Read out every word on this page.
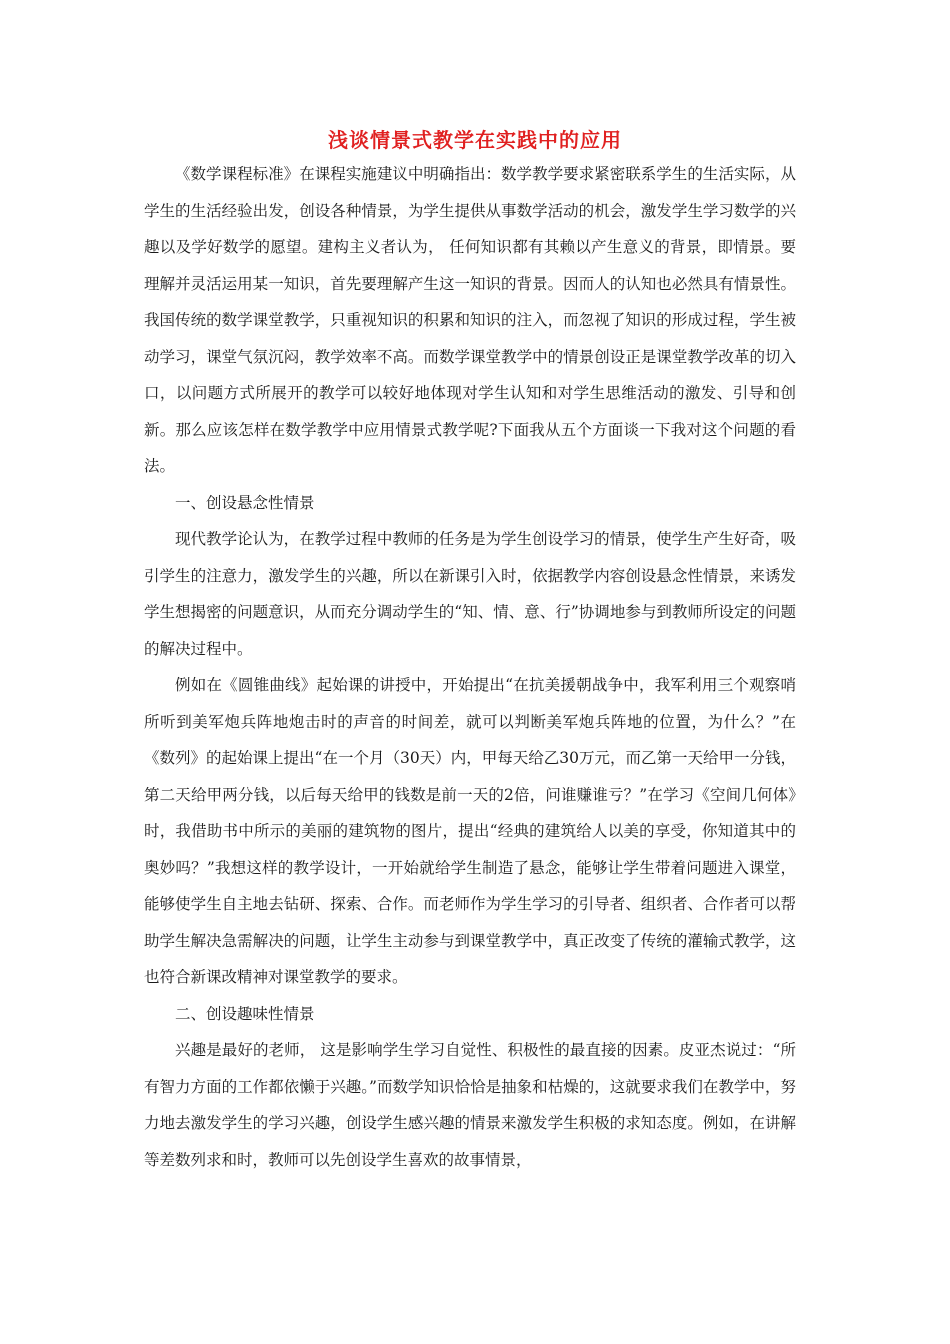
浅谈情景式教学在实践中的应用

《数学课程标准》在课程实施建议中明确指出：数学教学要求紧密联系学生的生活实际，从学生的生活经验出发，创设各种情景，为学生提供从事数学活动的机会，激发学生学习数学的兴趣以及学好数学的愿望。建构主义者认为， 任何知识都有其赖以产生意义的背景，即情景。要理解并灵活运用某一知识，首先要理解产生这一知识的背景。因而人的认知也必然具有情景性。我国传统的数学课堂教学，只重视知识的积累和知识的注入，而忽视了知识的形成过程，学生被动学习，课堂气氛沉闷，教学效率不高。而数学课堂教学中的情景创设正是课堂教学改革的切入口，以问题方式所展开的教学可以较好地体现对学生认知和对学生思维活动的激发、引导和创新。那么应该怎样在数学教学中应用情景式教学呢?下面我从五个方面谈一下我对这个问题的看法。

一、创设悬念性情景

现代教学论认为，在教学过程中教师的任务是为学生创设学习的情景，使学生产生好奇，吸引学生的注意力，激发学生的兴趣，所以在新课引入时，依据教学内容创设悬念性情景，来诱发学生想揭密的问题意识，从而充分调动学生的“知、情、意、行”协调地参与到教师所设定的问题的解决过程中。

例如在《圆锥曲线》起始课的讲授中，开始提出“在抗美援朝战争中，我军利用三个观察哨所听到美军炮兵阵地炮击时的声音的时间差，就可以判断美军炮兵阵地的位置，为什么？”在《数列》的起始课上提出“在一个月（30天）内，甲每天给乙30万元，而乙第一天给甲一分钱，第二天给甲两分钱，以后每天给甲的钱数是前一天的2倍，问谁赚谁亏？”在学习《空间几何体》时，我借助书中所示的美丽的建筑物的图片，提出“经典的建筑给人以美的享受，你知道其中的奥妙吗？”我想这样的教学设计，一开始就给学生制造了悬念，能够让学生带着问题进入课堂，能够使学生自主地去钻研、探索、合作。而老师作为学生学习的引导者、组织者、合作者可以帮助学生解决急需解决的问题，让学生主动参与到课堂教学中，真正改变了传统的灌输式教学，这也符合新课改精神对课堂教学的要求。

二、创设趣味性情景

兴趣是最好的老师， 这是影响学生学习自觉性、积极性的最直接的因素。皮亚杰说过：“所有智力方面的工作都依懒于兴趣。”而数学知识恰恰是抽象和枯燥的，这就要求我们在教学中，努力地去激发学生的学习兴趣，创设学生感兴趣的情景来激发学生积极的求知态度。例如，在讲解等差数列求和时，教师可以先创设学生喜欢的故事情景，
